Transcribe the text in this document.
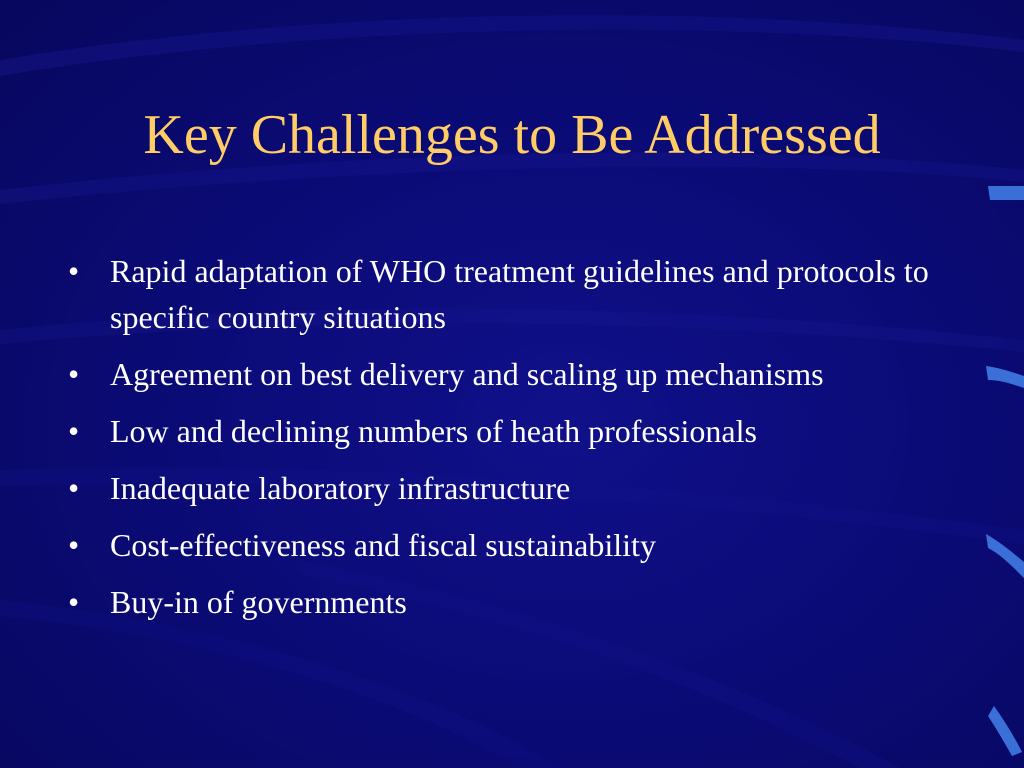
Key Challenges to Be Addressed
• Rapid adaptation of WHO treatment guidelines and protocols to specific country situations
• Agreement on best delivery and scaling up mechanisms
• Low and declining numbers of heath professionals
• Inadequate laboratory infrastructure
• Cost-effectiveness and fiscal sustainability
• Buy-in of governments
